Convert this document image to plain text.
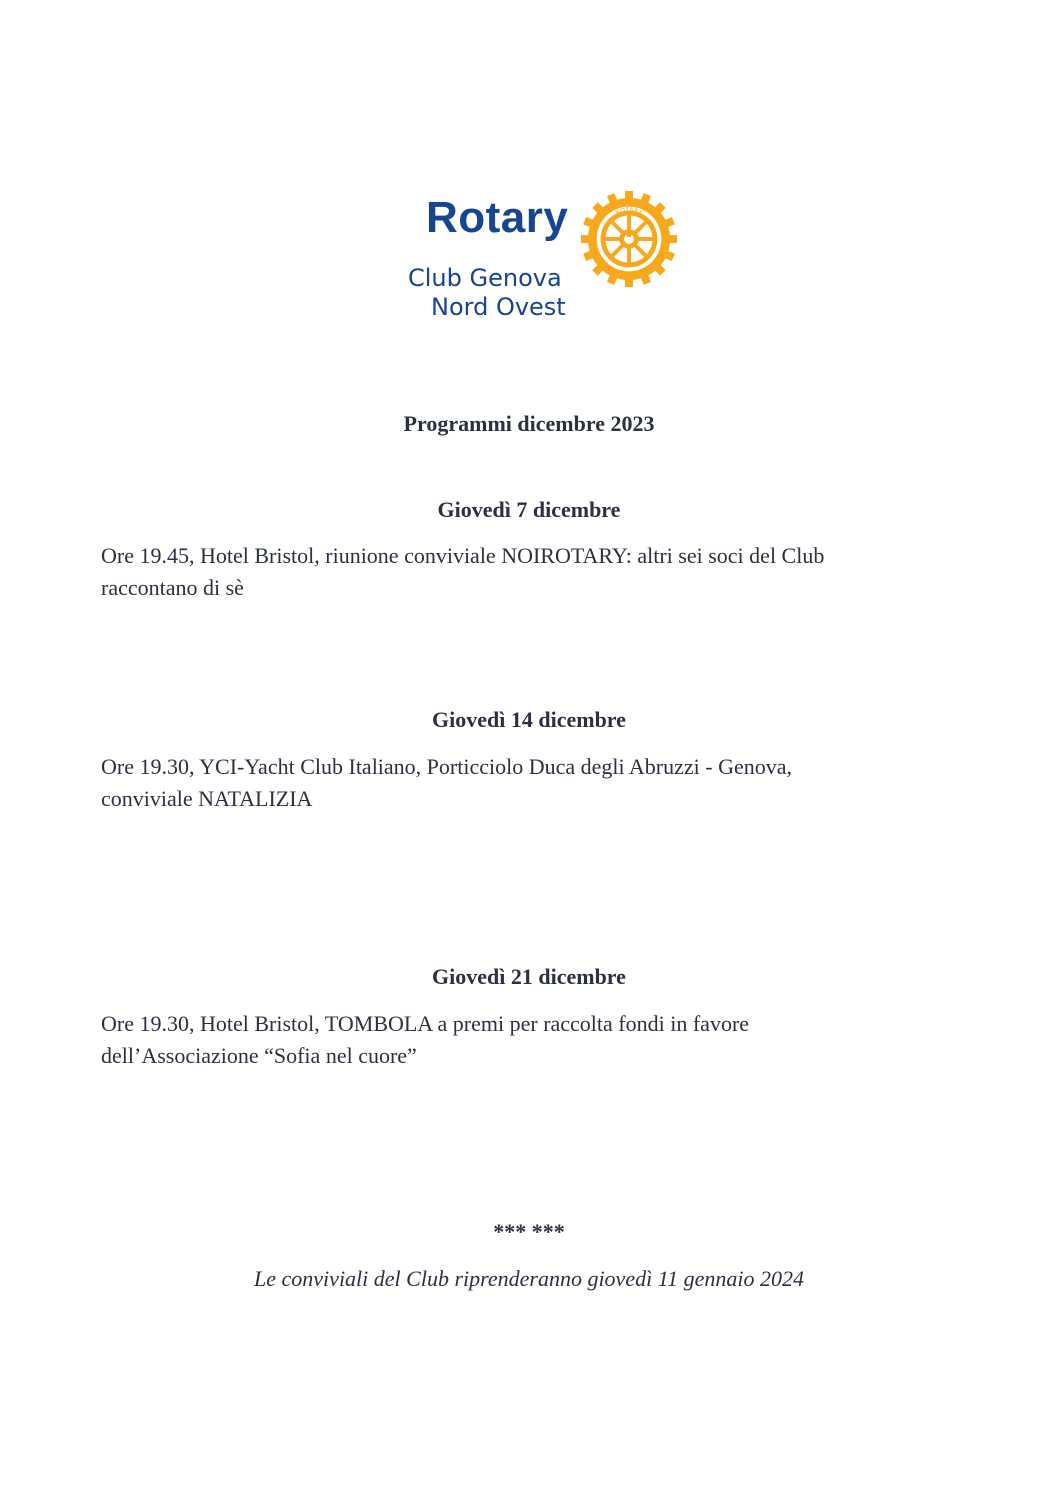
Rotary	ROTARY
Club Genova
Nord Ovest
Programmi dicembre 2023
Giovedì 7 dicembre
Ore 19.45, Hotel Bristol, riunione conviviale NOIROTARY: altri sei soci del Club
raccontano di sè
Giovedì 14 dicembre
Ore 19.30, YCI-Yacht Club Italiano, Porticciolo Duca degli Abruzzi - Genova,
conviviale NATALIZIA
Giovedì 21 dicembre
Ore 19.30, Hotel Bristol, TOMBOLA a premi per raccolta fondi in favore
dell’Associazione “Sofia nel cuore”
*** ***
Le conviviali del Club riprenderanno giovedì 11 gennaio 2024
